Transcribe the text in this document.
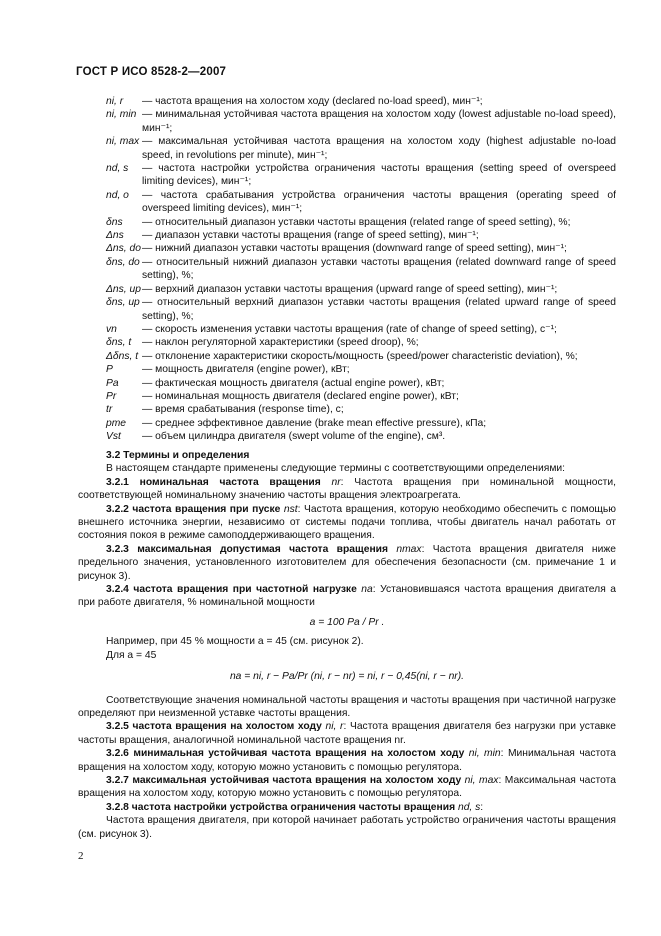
ГОСТ Р ИСО 8528-2—2007
ni, r	— частота вращения на холостом ходу (declared no-load speed), мин⁻¹;
ni, min — минимальная устойчивая частота вращения на холостом ходу (lowest adjustable no-load speed), мин⁻¹;
ni, max — максимальная устойчивая частота вращения на холостом ходу (highest adjustable no-load speed, in revolutions per minute), мин⁻¹;
nd, s	— частота настройки устройства ограничения частоты вращения (setting speed of overspeed limiting devices), мин⁻¹;
nd, o	— частота срабатывания устройства ограничения частоты вращения (operating speed of overspeed limiting devices), мин⁻¹;
δns	— относительный диапазон уставки частоты вращения (related range of speed setting), %;
Δns	— диапазон уставки частоты вращения (range of speed setting), мин⁻¹;
Δns, do — нижний диапазон уставки частоты вращения (downward range of speed setting), мин⁻¹;
δns, do — относительный нижний диапазон уставки частоты вращения (related downward range of speed setting), %;
Δns, up — верхний диапазон уставки частоты вращения (upward range of speed setting), мин⁻¹;
δns, up — относительный верхний диапазон уставки частоты вращения (related upward range of speed setting), %;
vn	— скорость изменения уставки частоты вращения (rate of change of speed setting), с⁻¹;
δns, t	— наклон регуляторной характеристики (speed droop), %;
Δδns, t — отклонение характеристики скорость/мощность (speed/power characteristic deviation), %;
P	— мощность двигателя (engine power), кВт;
Pa	— фактическая мощность двигателя (actual engine power), кВт;
Pr	— номинальная мощность двигателя (declared engine power), кВт;
tr	— время срабатывания (response time), с;
pme	— среднее эффективное давление (brake mean effective pressure), кПа;
Vst	— объем цилиндра двигателя (swept volume of the engine), см³.

3.2 Термины и определения

В настоящем стандарте применены следующие термины с соответствующими определениями:

3.2.1 номинальная частота вращения nr: Частота вращения при номинальной мощности, соответствующей номинальному значению частоты вращения электроагрегата.

3.2.2 частота вращения при пуске nst: Частота вращения, которую необходимо обеспечить с помощью внешнего источника энергии, независимо от системы подачи топлива, чтобы двигатель начал работать от состояния покоя в режиме самоподдерживающего вращения.

3.2.3 максимальная допустимая частота вращения nmax: Частота вращения двигателя ниже предельного значения, установленного изготовителем для обеспечения безопасности (см. примечание 1 и рисунок 3).

3.2.4 частота вращения при частотной нагрузке na: Установившаяся частота вращения двигателя a при работе двигателя, % номинальной мощности

a = 100 Pa / Pr .

Например, при 45 % мощности a = 45 (см. рисунок 2).

Для a = 45

na = ni, r − Pa/Pr (ni, r − nr) = ni, r − 0,45(ni, r − nr).

Соответствующие значения номинальной частоты вращения и частоты вращения при частичной нагрузке определяют при неизменной уставке частоты вращения.

3.2.5 частота вращения на холостом ходу ni, r: Частота вращения двигателя без нагрузки при уставке частоты вращения, аналогичной номинальной частоте вращения nr.

3.2.6 минимальная устойчивая частота вращения на холостом ходу ni, min: Минимальная частота вращения на холостом ходу, которую можно установить с помощью регулятора.

3.2.7 максимальная устойчивая частота вращения на холостом ходу ni, max: Максимальная частота вращения на холостом ходу, которую можно установить с помощью регулятора.

3.2.8 частота настройки устройства ограничения частоты вращения nd, s:

Частота вращения двигателя, при которой начинает работать устройство ограничения частоты вращения (см. рисунок 3).

2
